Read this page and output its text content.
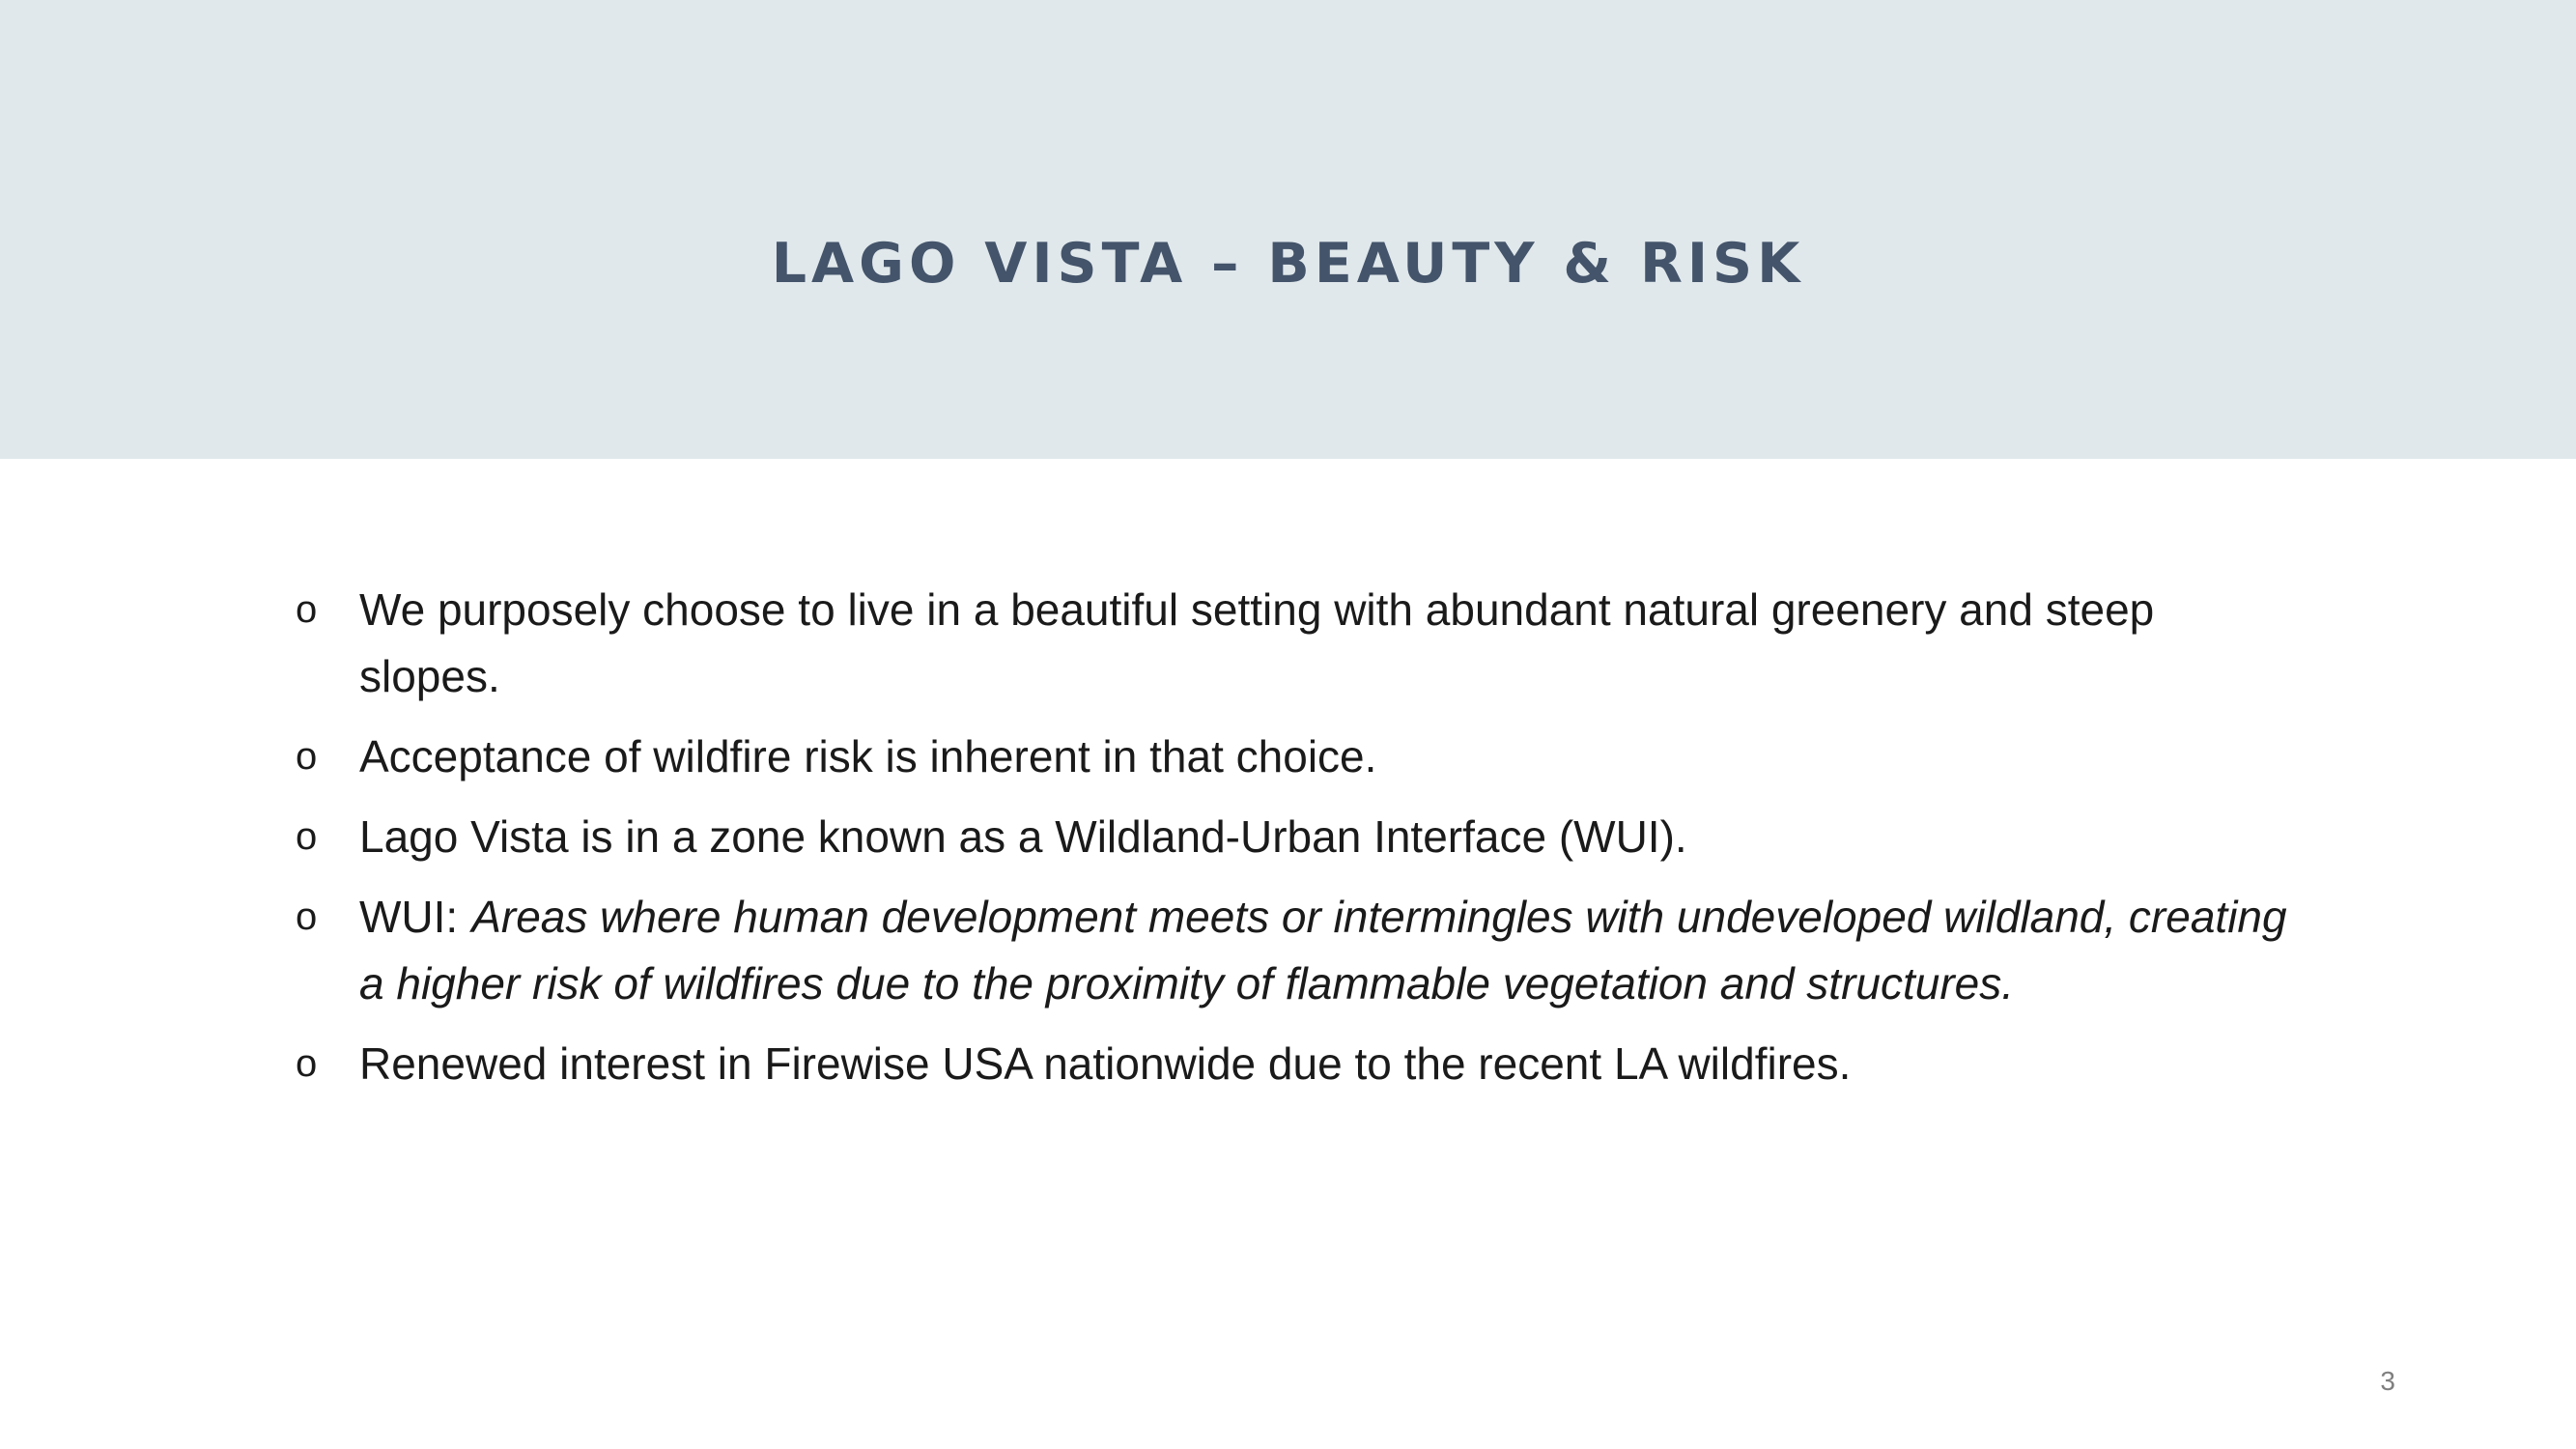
LAGO VISTA – BEAUTY & RISK
o We purposely choose to live in a beautiful setting with abundant natural greenery and steep slopes.
o Acceptance of wildfire risk is inherent in that choice.
o Lago Vista is in a zone known as a Wildland-Urban Interface (WUI).
o WUI: Areas where human development meets or intermingles with undeveloped wildland, creating a higher risk of wildfires due to the proximity of flammable vegetation and structures.
o Renewed interest in Firewise USA nationwide due to the recent LA wildfires.
3
